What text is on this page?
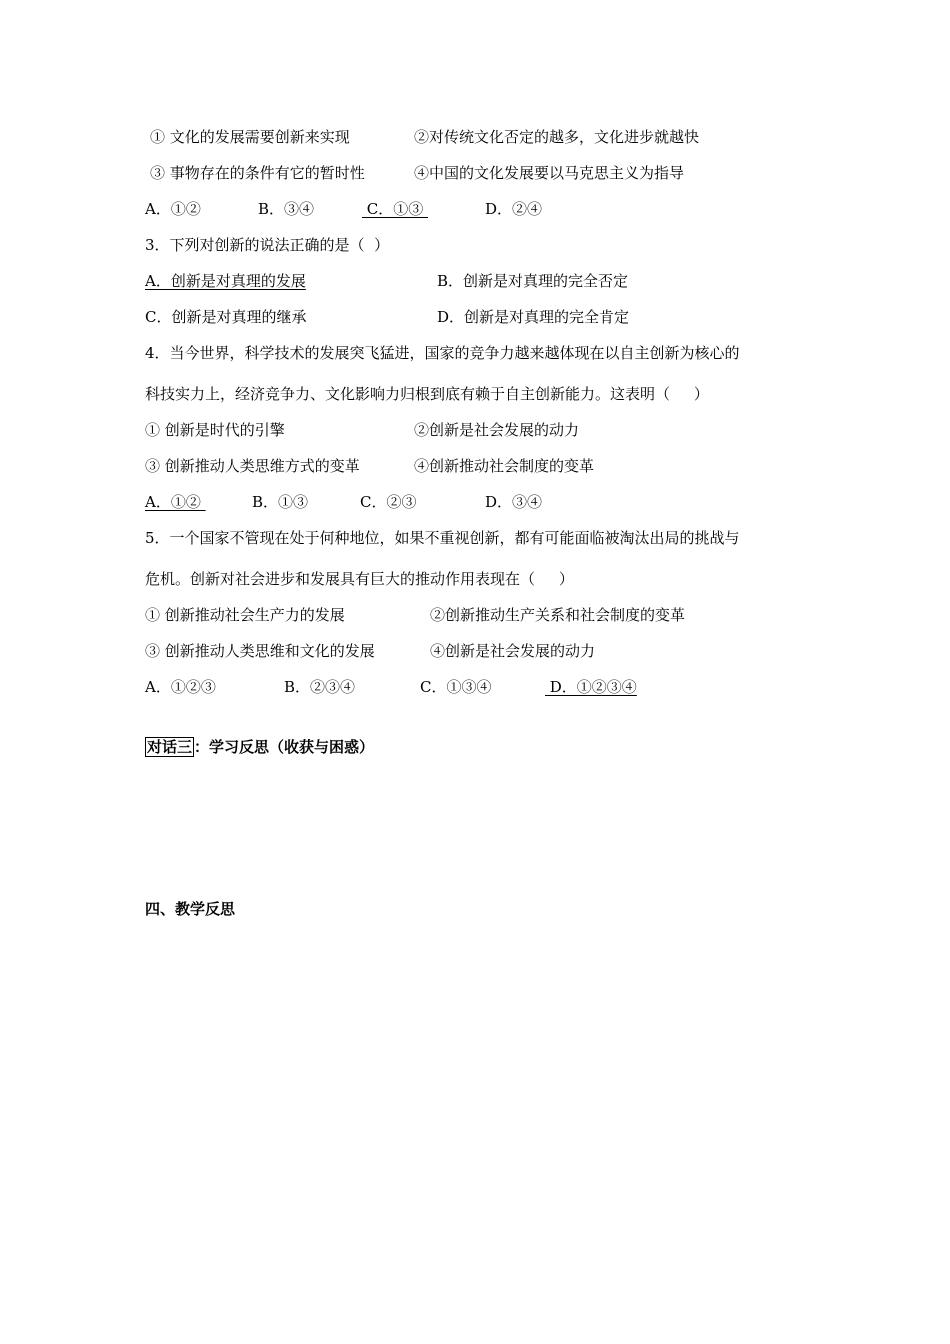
① 文化的发展需要创新来实现	②对传统文化否定的越多，文化进步就越快
③ 事物存在的条件有它的暂时性	④中国的文化发展要以马克思主义为指导
A．①②	B．③④	C．①③	D．②④
3．下列对创新的说法正确的是（  ）
A．创新是对真理的发展	B．创新是对真理的完全否定
C．创新是对真理的继承	D．创新是对真理的完全肯定
4．当今世界，科学技术的发展突飞猛进，国家的竞争力越来越体现在以自主创新为核心的
科技实力上，经济竞争力、文化影响力归根到底有赖于自主创新能力。这表明（     ）
① 创新是时代的引擎	②创新是社会发展的动力
③ 创新推动人类思维方式的变革	④创新推动社会制度的变革
A．①②	B．①③	C．②③	D．③④
5．一个国家不管现在处于何种地位，如果不重视创新，都有可能面临被淘汰出局的挑战与
危机。创新对社会进步和发展具有巨大的推动作用表现在（     ）
① 创新推动社会生产力的发展	②创新推动生产关系和社会制度的变革
③ 创新推动人类思维和文化的发展	④创新是社会发展的动力
A．①②③	B．②③④	C．①③④	D．①②③④
对话三 ：学习反思（收获与困惑）
四、教学反思
